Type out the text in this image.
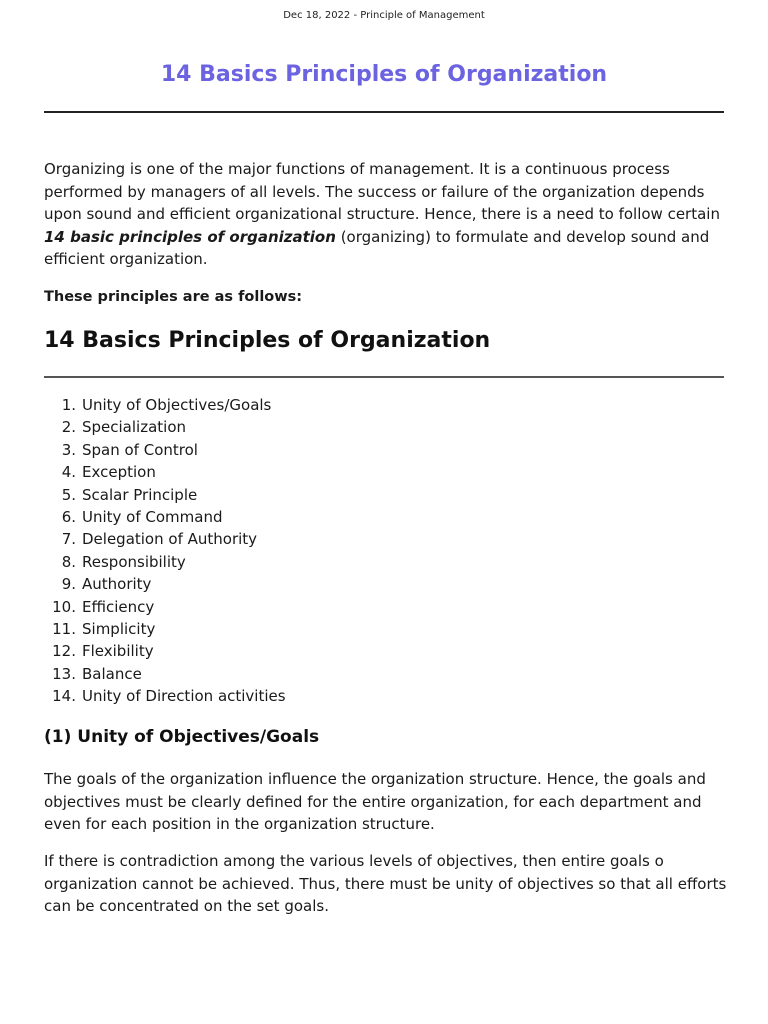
Dec 18, 2022 - Principle of Management
14 Basics Principles of Organization

Organizing is one of the major functions of management. It is a continuous process performed by managers of all levels. The success or failure of the organization depends upon sound and efficient organizational structure. Hence, there is a need to follow certain 14 basic principles of organization (organizing) to formulate and develop sound and efficient organization.

These principles are as follows:

14 Basics Principles of Organization
1. Unity of Objectives/Goals
2. Specialization
3. Span of Control
4. Exception
5. Scalar Principle
6. Unity of Command
7. Delegation of Authority
8. Responsibility
9. Authority
10. Efficiency
11. Simplicity
12. Flexibility
13. Balance
14. Unity of Direction activities
(1) Unity of Objectives/Goals

The goals of the organization influence the organization structure. Hence, the goals and objectives must be clearly defined for the entire organization, for each department and even for each position in the organization structure.

If there is contradiction among the various levels of objectives, then entire goals o organization cannot be achieved. Thus, there must be unity of objectives so that all efforts can be concentrated on the set goals.
